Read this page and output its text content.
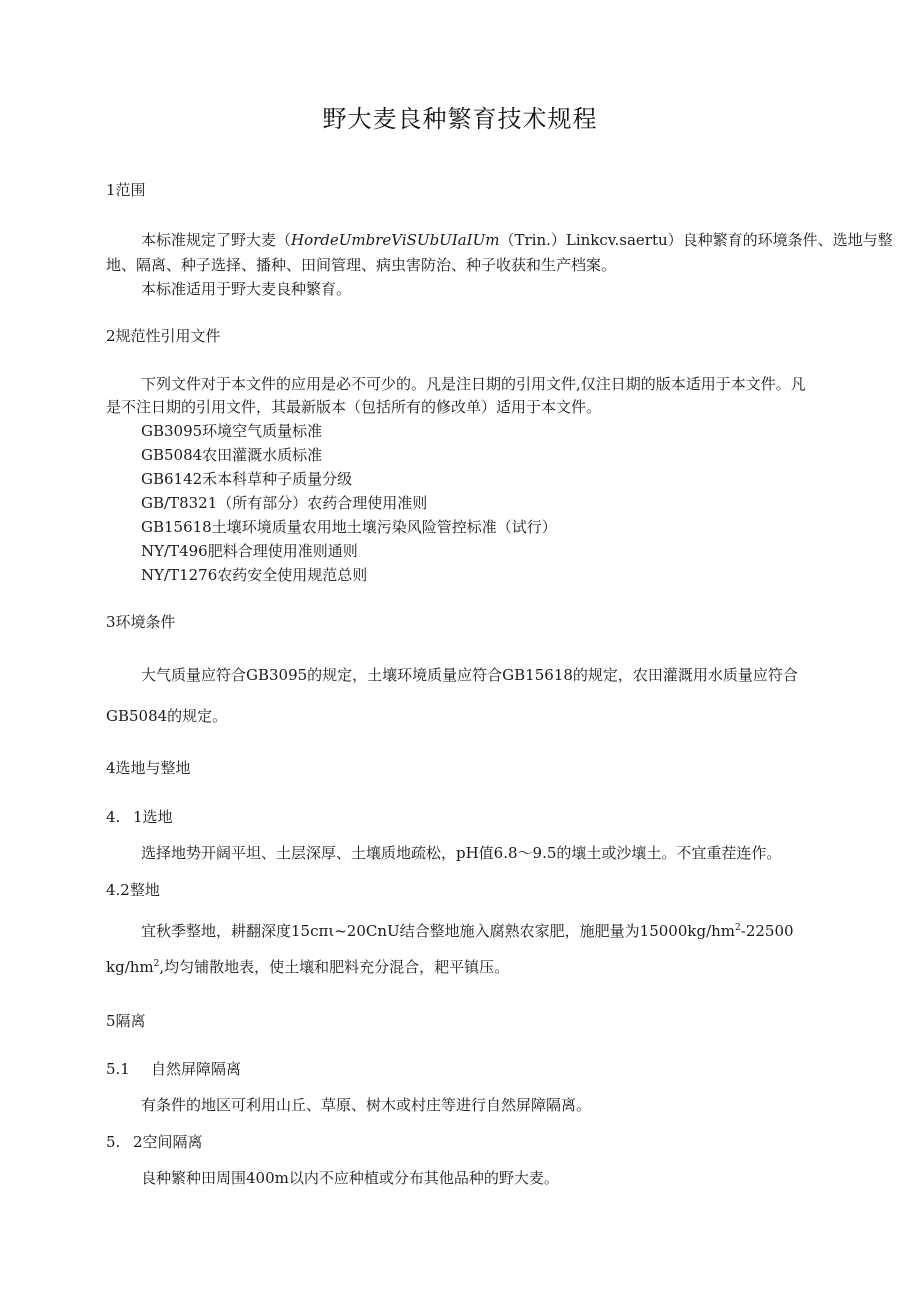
野大麦良种繁育技术规程
1范围
本标准规定了野大麦（HordeUmbreViSUbUIaIUm（Trin.）Linkcv.saertu）良种繁育的环境条件、选地与整
地、隔离、种子选择、播种、田间管理、病虫害防治、种子收获和生产档案。
本标准适用于野大麦良种繁育。
2规范性引用文件
下列文件对于本文件的应用是必不可少的。凡是注日期的引用文件,仅注日期的版本适用于本文件。凡
是不注日期的引用文件，其最新版本（包括所有的修改单）适用于本文件。
GB3095环境空气质量标准
GB5084农田灌溉水质标准
GB6142禾本科草种子质量分级
GB/T8321（所有部分）农药合理使用准则
GB15618土壤环境质量农用地土壤污染风险管控标准（试行）
NY/T496肥料合理使用准则通则
NY/T1276农药安全使用规范总则
3环境条件
大气质量应符合GB3095的规定，土壤环境质量应符合GB15618的规定，农田灌溉用水质量应符合
GB5084的规定。
4选地与整地
4. 1选地
选择地势开阔平坦、土层深厚、土壤质地疏松，pH值6.8～9.5的壤土或沙壤土。不宜重茬连作。
4.2整地
宜秋季整地，耕翻深度15cπι~20CnU结合整地施入腐熟农家肥，施肥量为$15000kg/hm^2-22500$
$kg/hm^2$,均匀铺散地表，使土壤和肥料充分混合，耙平镇压。
5隔离
5.1 自然屏障隔离
有条件的地区可利用山丘、草原、树木或村庄等进行自然屏障隔离。
5. 2空间隔离
良种繁种田周围400m以内不应种植或分布其他品种的野大麦。
